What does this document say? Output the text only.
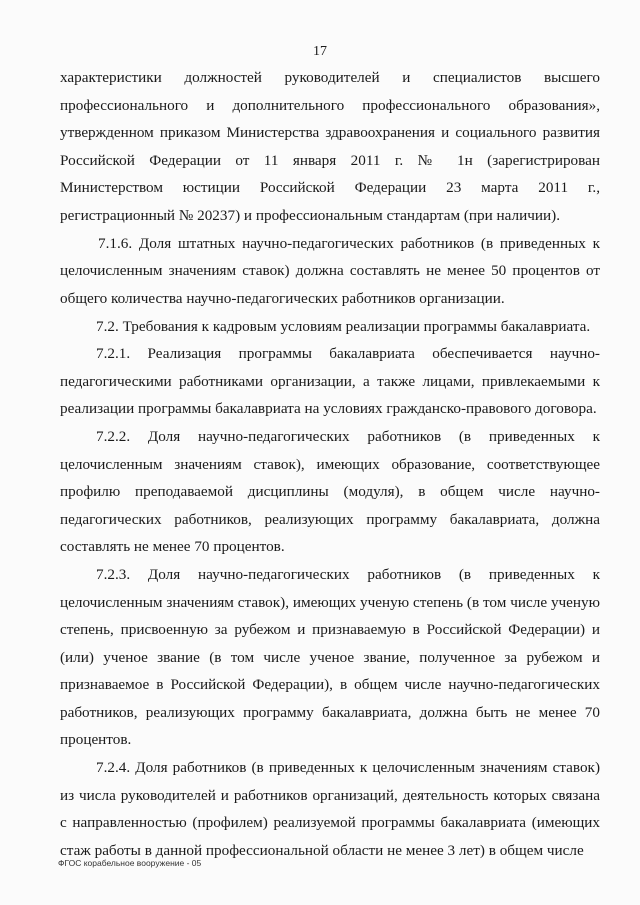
17

характеристики должностей руководителей и специалистов высшего профессионального и дополнительного профессионального образования», утвержденном приказом Министерства здравоохранения и социального развития Российской Федерации от 11 января 2011 г. № 1н (зарегистрирован Министерством юстиции Российской Федерации 23 марта 2011 г., регистрационный № 20237) и профессиональным стандартам (при наличии).

7.1.6. Доля штатных научно-педагогических работников (в приведенных к целочисленным значениям ставок) должна составлять не менее 50 процентов от общего количества научно-педагогических работников организации.

7.2. Требования к кадровым условиям реализации программы бакалавриата.

7.2.1. Реализация программы бакалавриата обеспечивается научно-педагогическими работниками организации, а также лицами, привлекаемыми к реализации программы бакалавриата на условиях гражданско-правового договора.

7.2.2. Доля научно-педагогических работников (в приведенных к целочисленным значениям ставок), имеющих образование, соответствующее профилю преподаваемой дисциплины (модуля), в общем числе научно-педагогических работников, реализующих программу бакалавриата, должна составлять не менее 70 процентов.

7.2.3. Доля научно-педагогических работников (в приведенных к целочисленным значениям ставок), имеющих ученую степень (в том числе ученую степень, присвоенную за рубежом и признаваемую в Российской Федерации) и (или) ученое звание (в том числе ученое звание, полученное за рубежом и признаваемое в Российской Федерации), в общем числе научно-педагогических работников, реализующих программу бакалавриата, должна быть не менее 70 процентов.

7.2.4. Доля работников (в приведенных к целочисленным значениям ставок) из числа руководителей и работников организаций, деятельность которых связана с направленностью (профилем) реализуемой программы бакалавриата (имеющих стаж работы в данной профессиональной области не менее 3 лет) в общем числе

ФГОС корабельное вооружение - 05
